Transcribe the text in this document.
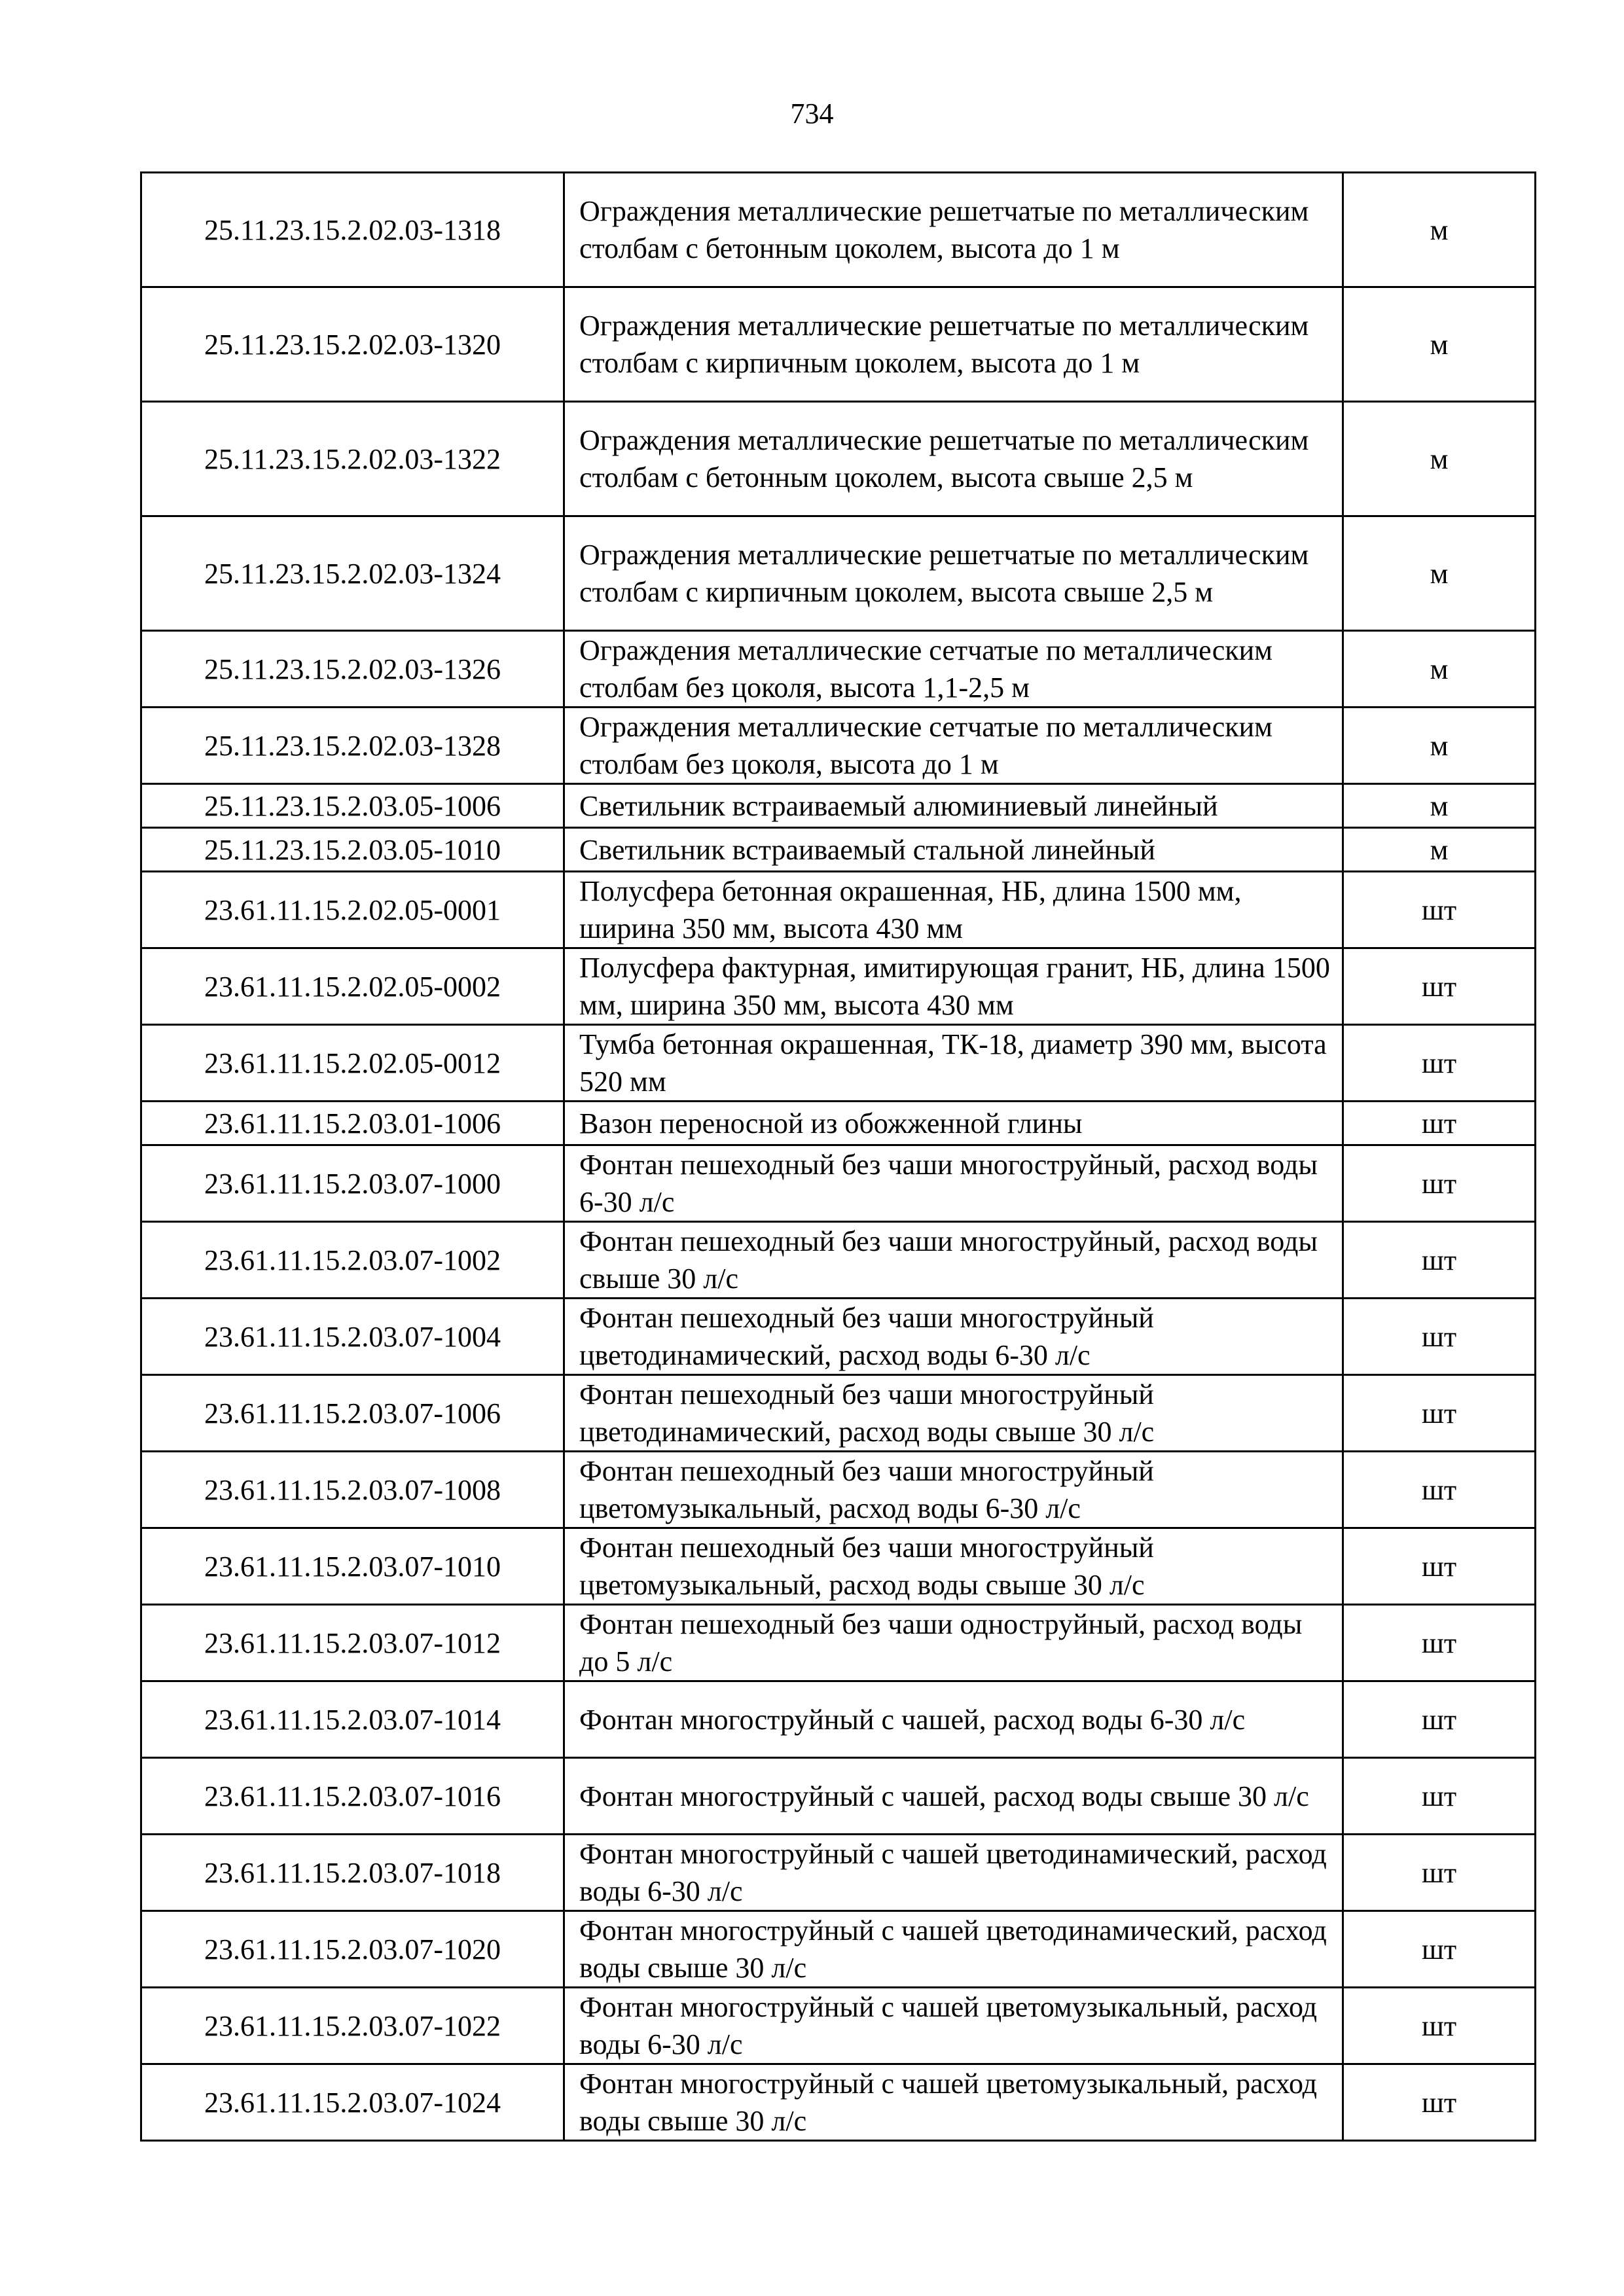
734
25.11.23.15.2.02.03-1318	Ограждения металлические решетчатые по металлическим столбам с бетонным цоколем, высота до 1 м	м
25.11.23.15.2.02.03-1320	Ограждения металлические решетчатые по металлическим столбам с кирпичным цоколем, высота до 1 м	м
25.11.23.15.2.02.03-1322	Ограждения металлические решетчатые по металлическим столбам с бетонным цоколем, высота свыше 2,5 м	м
25.11.23.15.2.02.03-1324	Ограждения металлические решетчатые по металлическим столбам с кирпичным цоколем, высота свыше 2,5 м	м
25.11.23.15.2.02.03-1326	Ограждения металлические сетчатые по металлическим столбам без цоколя, высота 1,1-2,5 м	м
25.11.23.15.2.02.03-1328	Ограждения металлические сетчатые по металлическим столбам без цоколя, высота до 1 м	м
25.11.23.15.2.03.05-1006	Светильник встраиваемый алюминиевый линейный	м
25.11.23.15.2.03.05-1010	Светильник встраиваемый стальной линейный	м
23.61.11.15.2.02.05-0001	Полусфера бетонная окрашенная, НБ, длина 1500 мм, ширина 350 мм, высота 430 мм	шт
23.61.11.15.2.02.05-0002	Полусфера фактурная, имитирующая гранит, НБ, длина 1500 мм, ширина 350 мм, высота 430 мм	шт
23.61.11.15.2.02.05-0012	Тумба бетонная окрашенная, ТК-18, диаметр 390 мм, высота 520 мм	шт
23.61.11.15.2.03.01-1006	Вазон переносной из обожженной глины	шт
23.61.11.15.2.03.07-1000	Фонтан пешеходный без чаши многоструйный, расход воды 6-30 л/с	шт
23.61.11.15.2.03.07-1002	Фонтан пешеходный без чаши многоструйный, расход воды свыше 30 л/с	шт
23.61.11.15.2.03.07-1004	Фонтан пешеходный без чаши многоструйный цветодинамический, расход воды 6-30 л/с	шт
23.61.11.15.2.03.07-1006	Фонтан пешеходный без чаши многоструйный цветодинамический, расход воды свыше 30 л/с	шт
23.61.11.15.2.03.07-1008	Фонтан пешеходный без чаши многоструйный цветомузыкальный, расход воды 6-30 л/с	шт
23.61.11.15.2.03.07-1010	Фонтан пешеходный без чаши многоструйный цветомузыкальный, расход воды свыше 30 л/с	шт
23.61.11.15.2.03.07-1012	Фонтан пешеходный без чаши одноструйный, расход воды до 5 л/с	шт
23.61.11.15.2.03.07-1014	Фонтан многоструйный с чашей, расход воды 6-30 л/с	шт
23.61.11.15.2.03.07-1016	Фонтан многоструйный с чашей, расход воды свыше 30 л/с	шт
23.61.11.15.2.03.07-1018	Фонтан многоструйный с чашей цветодинамический, расход воды 6-30 л/с	шт
23.61.11.15.2.03.07-1020	Фонтан многоструйный с чашей цветодинамический, расход воды свыше 30 л/с	шт
23.61.11.15.2.03.07-1022	Фонтан многоструйный с чашей цветомузыкальный, расход воды 6-30 л/с	шт
23.61.11.15.2.03.07-1024	Фонтан многоструйный с чашей цветомузыкальный, расход воды свыше 30 л/с	шт
